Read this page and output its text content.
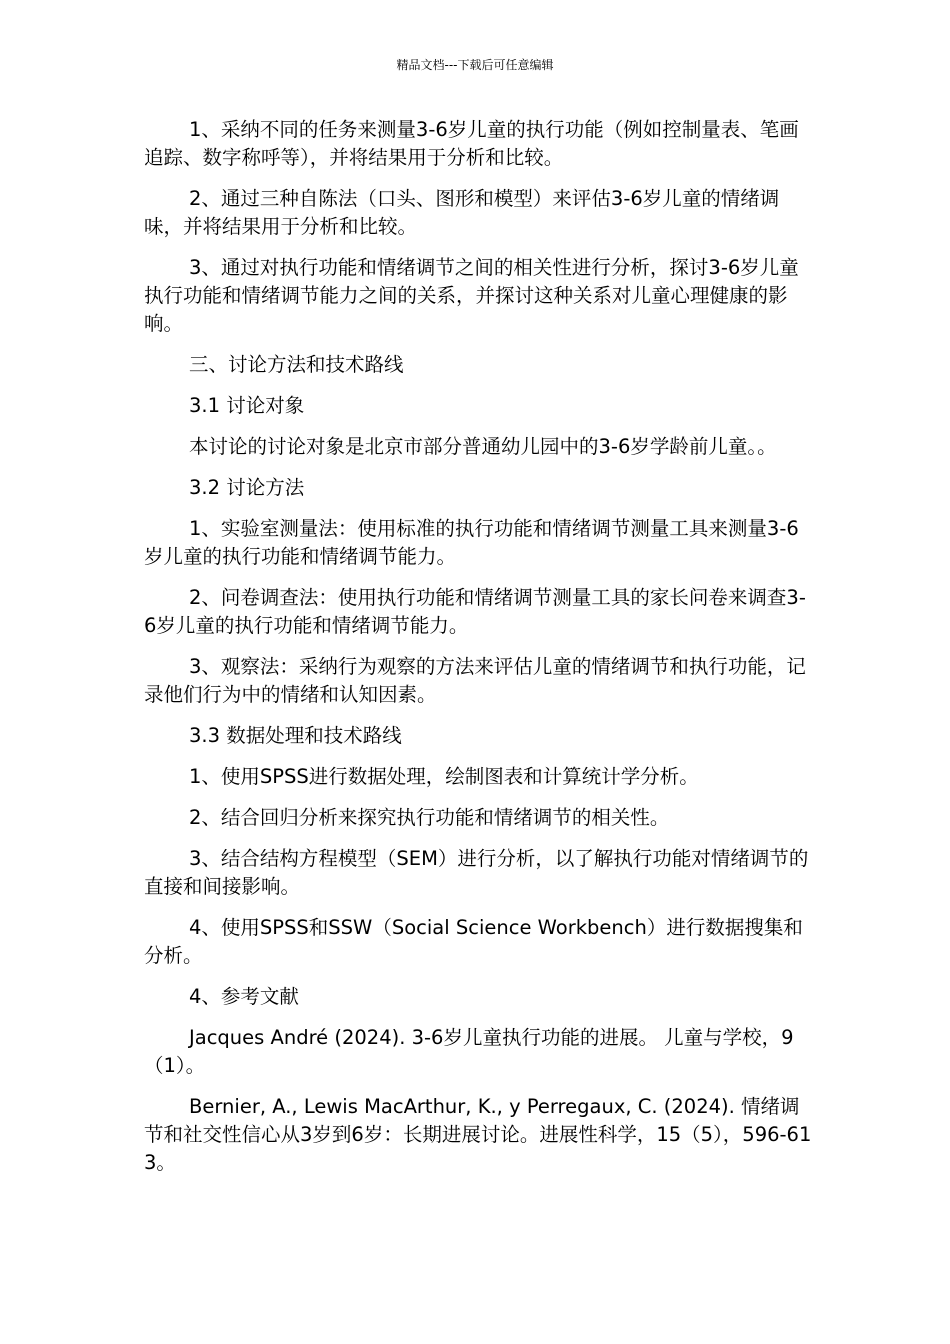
精品文档---下载后可任意编辑

1、采纳不同的任务来测量3-6岁儿童的执行功能（例如控制量表、笔画追踪、数字称呼等），并将结果用于分析和比较。

2、通过三种自陈法（口头、图形和模型）来评估3-6岁儿童的情绪调味，并将结果用于分析和比较。

3、通过对执行功能和情绪调节之间的相关性进行分析，探讨3-6岁儿童执行功能和情绪调节能力之间的关系，并探讨这种关系对儿童心理健康的影响。

三、讨论方法和技术路线

3.1 讨论对象

本讨论的讨论对象是北京市部分普通幼儿园中的3-6岁学龄前儿童。。

3.2 讨论方法

1、实验室测量法：使用标准的执行功能和情绪调节测量工具来测量3-6岁儿童的执行功能和情绪调节能力。

2、问卷调查法：使用执行功能和情绪调节测量工具的家长问卷来调查3-6岁儿童的执行功能和情绪调节能力。

3、观察法：采纳行为观察的方法来评估儿童的情绪调节和执行功能，记录他们行为中的情绪和认知因素。

3.3 数据处理和技术路线

1、使用SPSS进行数据处理，绘制图表和计算统计学分析。

2、结合回归分析来探究执行功能和情绪调节的相关性。

3、结合结构方程模型（SEM）进行分析，以了解执行功能对情绪调节的直接和间接影响。

4、使用SPSS和SSW（Social Science Workbench）进行数据搜集和分析。

4、参考文献

Jacques André (2024). 3-6岁儿童执行功能的进展。 儿童与学校，9（1）。

Bernier, A., Lewis MacArthur, K., y Perregaux, C. (2024). 情绪调节和社交性信心从3岁到6岁：长期进展讨论。进展性科学，15（5），596-613。
